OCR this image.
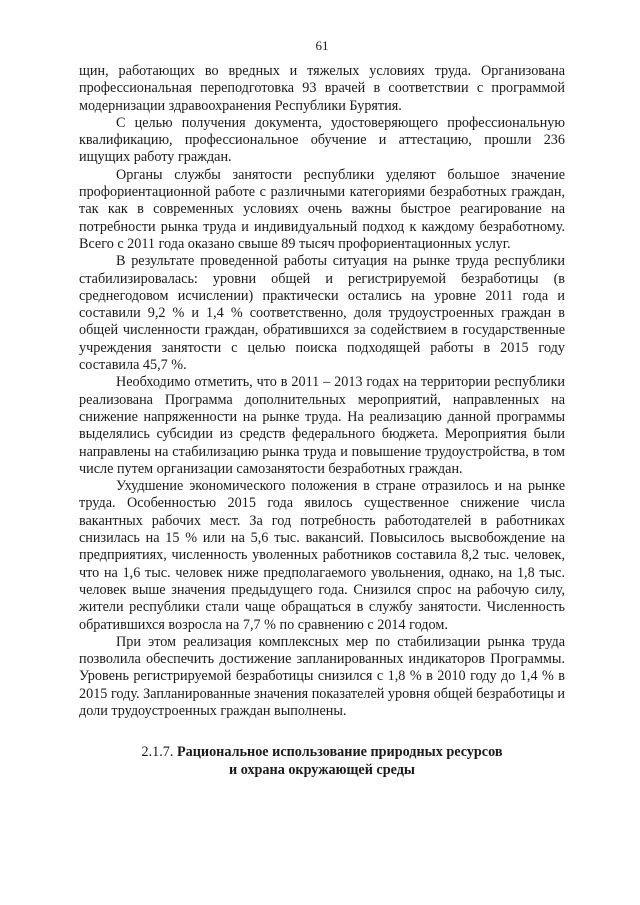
61

щин, работающих во вредных и тяжелых условиях труда. Организована профессиональная переподготовка 93 врачей в соответствии с программой модернизации здравоохранения Республики Бурятия.

С целью получения документа, удостоверяющего профессиональную квалификацию, профессиональное обучение и аттестацию, прошли 236 ищущих работу граждан.

Органы службы занятости республики уделяют большое значение профориентационной работе с различными категориями безработных граждан, так как в современных условиях очень важны быстрое реагирование на потребности рынка труда и индивидуальный подход к каждому безработному. Всего с 2011 года оказано свыше 89 тысяч профориентационных услуг.

В результате проведенной работы ситуация на рынке труда республики стабилизировалась: уровни общей и регистрируемой безработицы (в среднегодовом исчислении) практически остались на уровне 2011 года и составили 9,2 % и 1,4 % соответственно, доля трудоустроенных граждан в общей численности граждан, обратившихся за содействием в государственные учреждения занятости с целью поиска подходящей работы в 2015 году составила 45,7 %.

Необходимо отметить, что в 2011 – 2013 годах на территории республики реализована Программа дополнительных мероприятий, направленных на снижение напряженности на рынке труда. На реализацию данной программы выделялись субсидии из средств федерального бюджета. Мероприятия были направлены на стабилизацию рынка труда и повышение трудоустройства, в том числе путем организации самозанятости безработных граждан.

Ухудшение экономического положения в стране отразилось и на рынке труда. Особенностью 2015 года явилось существенное снижение числа вакантных рабочих мест. За год потребность работодателей в работниках снизилась на 15 % или на 5,6 тыс. вакансий. Повысилось высвобождение на предприятиях, численность уволенных работников составила 8,2 тыс. человек, что на 1,6 тыс. человек ниже предполагаемого увольнения, однако, на 1,8 тыс. человек выше значения предыдущего года. Снизился спрос на рабочую силу, жители республики стали чаще обращаться в службу занятости. Численность обратившихся возросла на 7,7 % по сравнению с 2014 годом.

При этом реализация комплексных мер по стабилизации рынка труда позволила обеспечить достижение запланированных индикаторов Программы. Уровень регистрируемой безработицы снизился с 1,8 % в 2010 году до 1,4 % в 2015 году. Запланированные значения показателей уровня общей безработицы и доли трудоустроенных граждан выполнены.

2.1.7. Рациональное использование природных ресурсов
и охрана окружающей среды
